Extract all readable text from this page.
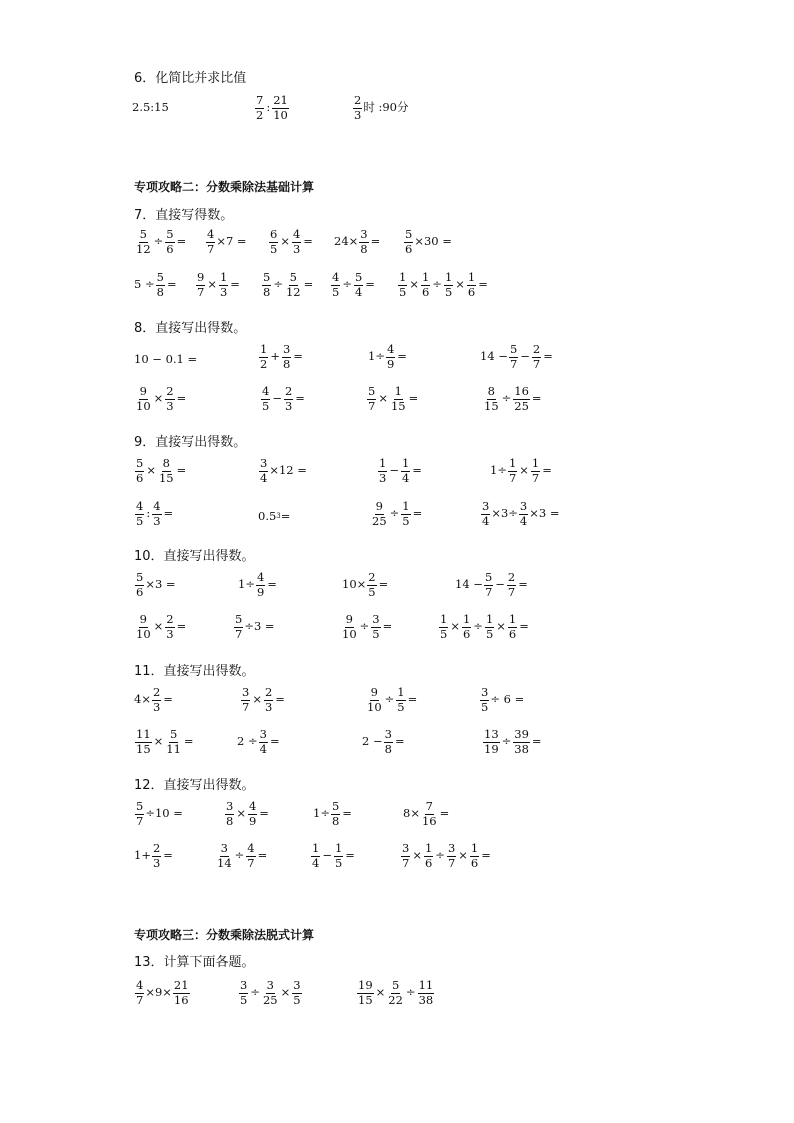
6．化简比并求比值
2.5:15	$\frac{7}{2}$ : $\frac{21}{10}$	$\frac{2}{3}$ 时 :90分
专项攻略二：分数乘除法基础计算
7．直接写得数。
$\frac{5}{12} \div \frac{5}{6} = \frac{4}{7} \times 7 = \frac{6}{5} \times \frac{4}{3} = 24\times \frac{3}{8} = \frac{5}{6} \times 30$ =
$5 \div \frac{5}{8} = \frac{9}{7} \times \frac{1}{3} = \frac{5}{8} \div \frac{5}{12} = \frac{4}{5} \div \frac{5}{4} = \frac{1}{5} \times \frac{1}{6} \div \frac{1}{5} \times \frac{1}{6}$ =
8．直接写出得数。
10 − 0.1 =	$\frac{1}{2} + \frac{3}{8}$ =	$1\div \frac{4}{9}$ =	$14 - \frac{5}{7} - \frac{2}{7}$ =
$\frac{9}{10} \times \frac{2}{3}$ =	$\frac{4}{5} - \frac{2}{3}$ =	$\frac{5}{7} \times \frac{1}{15}$ =	$\frac{8}{15} \div \frac{16}{25}$ =
9．直接写出得数。
$\frac{5}{6} \times \frac{8}{15}$ =	$\frac{3}{4} \times 12$ =	$\frac{1}{3} - \frac{1}{4}$ =	$1\div \frac{1}{7} \times \frac{1}{7}$ =
$\frac{4}{5}$ : $\frac{4}{3}$ =	0.5 3 =	$\frac{9}{25} \div \frac{1}{5}$ =	$\frac{3}{4} \times 3\div \frac{3}{4} \times 3$ =
10．直接写出得数。
$\frac{5}{6} \times 3$ =	$1\div \frac{4}{9}$ =	$10\times \frac{2}{5}$ =	$14 - \frac{5}{7} - \frac{2}{7}$ =
$\frac{9}{10} \times \frac{2}{3}$ =	$\frac{5}{7} \div 3$ =	$\frac{9}{10} \div \frac{3}{5}$ =	$\frac{1}{5} \times \frac{1}{6} \div \frac{1}{5} \times \frac{1}{6}$ =
11．直接写出得数。
$4\times \frac{2}{3}$ =	$\frac{3}{7} \times \frac{2}{3}$ =	$\frac{9}{10} \div \frac{1}{5}$ =	$\frac{3}{5} \div 6$ =
$\frac{11}{15} \times \frac{5}{11}$ =	$2 \div \frac{3}{4}$ =	$2 - \frac{3}{8}$ =	$\frac{13}{19} \div \frac{39}{38}$ =
12．直接写出得数。
$\frac{5}{7} \div 10$ =	$\frac{3}{8} \times \frac{4}{9}$ =	$1\div \frac{5}{8}$ =	$8\times \frac{7}{16}$ =
$1+ \frac{2}{3}$ =	$\frac{3}{14} \div \frac{4}{7}$ =	$\frac{1}{4} - \frac{1}{5}$ =	$\frac{3}{7} \times \frac{1}{6} \div \frac{3}{7} \times \frac{1}{6}$ =
专项攻略三：分数乘除法脱式计算
13．计算下面各题。
$\frac{4}{7} \times 9\times \frac{21}{16}$	$\frac{3}{5} \div \frac{3}{25} \times \frac{3}{5}$	$\frac{19}{15} \times \frac{5}{22} \div \frac{11}{38}$
